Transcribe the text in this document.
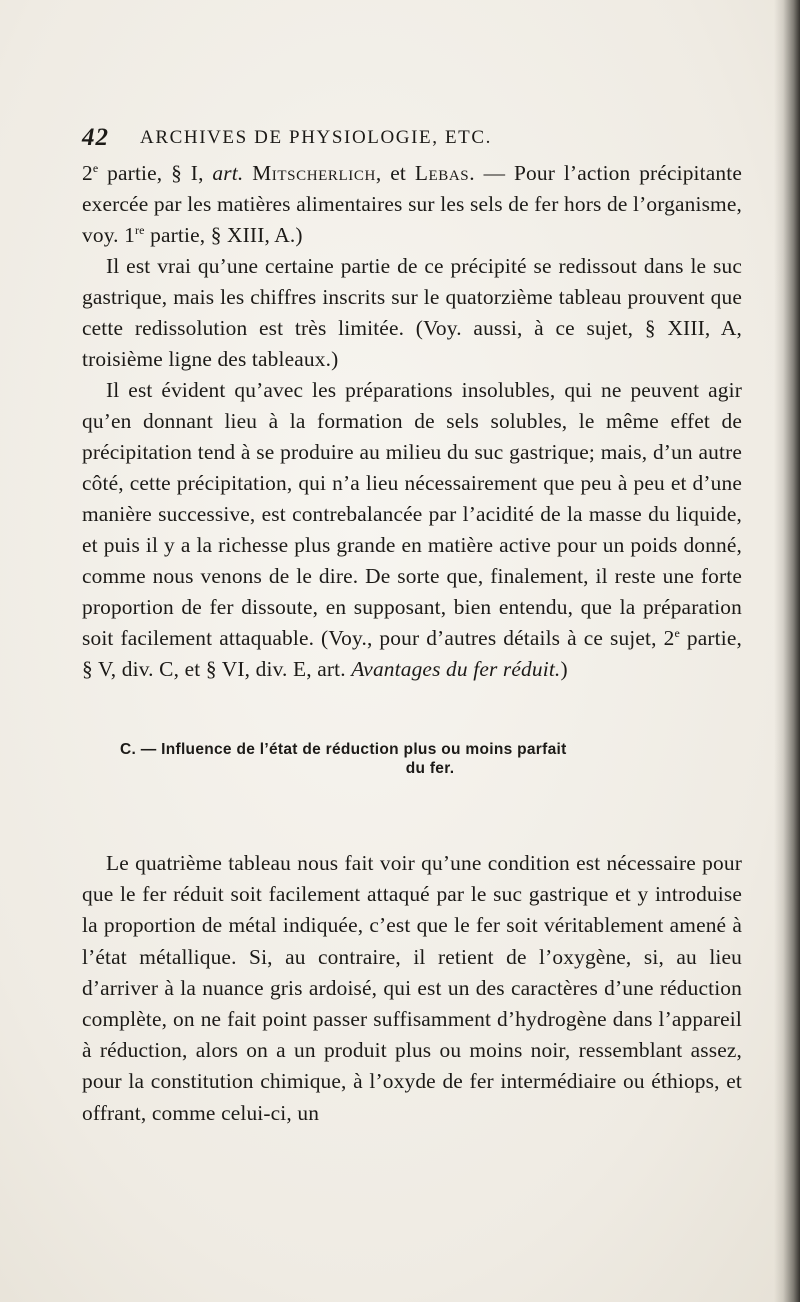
42 ARCHIVES DE PHYSIOLOGIE, ETC.

2e partie, § I, art. Mitscherlich, et Lebas. — Pour l’action précipitante exercée par les matières alimentaires sur les sels de fer hors de l’organisme, voy. 1re partie, § XIII, A.)

Il est vrai qu’une certaine partie de ce précipité se redissout dans le suc gastrique, mais les chiffres inscrits sur le quatorzième tableau prouvent que cette redissolution est très limitée. (Voy. aussi, à ce sujet, § XIII, A, troisième ligne des tableaux.)

Il est évident qu’avec les préparations insolubles, qui ne peuvent agir qu’en donnant lieu à la formation de sels solubles, le même effet de précipitation tend à se produire au milieu du suc gastrique; mais, d’un autre côté, cette précipitation, qui n’a lieu nécessairement que peu à peu et d’une manière successive, est contrebalancée par l’acidité de la masse du liquide, et puis il y a la richesse plus grande en matière active pour un poids donné, comme nous venons de le dire. De sorte que, finalement, il reste une forte proportion de fer dissoute, en supposant, bien entendu, que la préparation soit facilement attaquable. (Voy., pour d’autres détails à ce sujet, 2e partie, § V, div. C, et § VI, div. E, art. Avantages du fer réduit.)

C. — Influence de l’état de réduction plus ou moins parfait
du fer.

Le quatrième tableau nous fait voir qu’une condition est nécessaire pour que le fer réduit soit facilement attaqué par le suc gastrique et y introduise la proportion de métal indiquée, c’est que le fer soit véritablement amené à l’état métallique. Si, au contraire, il retient de l’oxygène, si, au lieu d’arriver à la nuance gris ardoisé, qui est un des caractères d’une réduction complète, on ne fait point passer suffisamment d’hydrogène dans l’appareil à réduction, alors on a un produit plus ou moins noir, ressemblant assez, pour la constitution chimique, à l’oxyde de fer intermédiaire ou éthiops, et offrant, comme celui-ci, un
